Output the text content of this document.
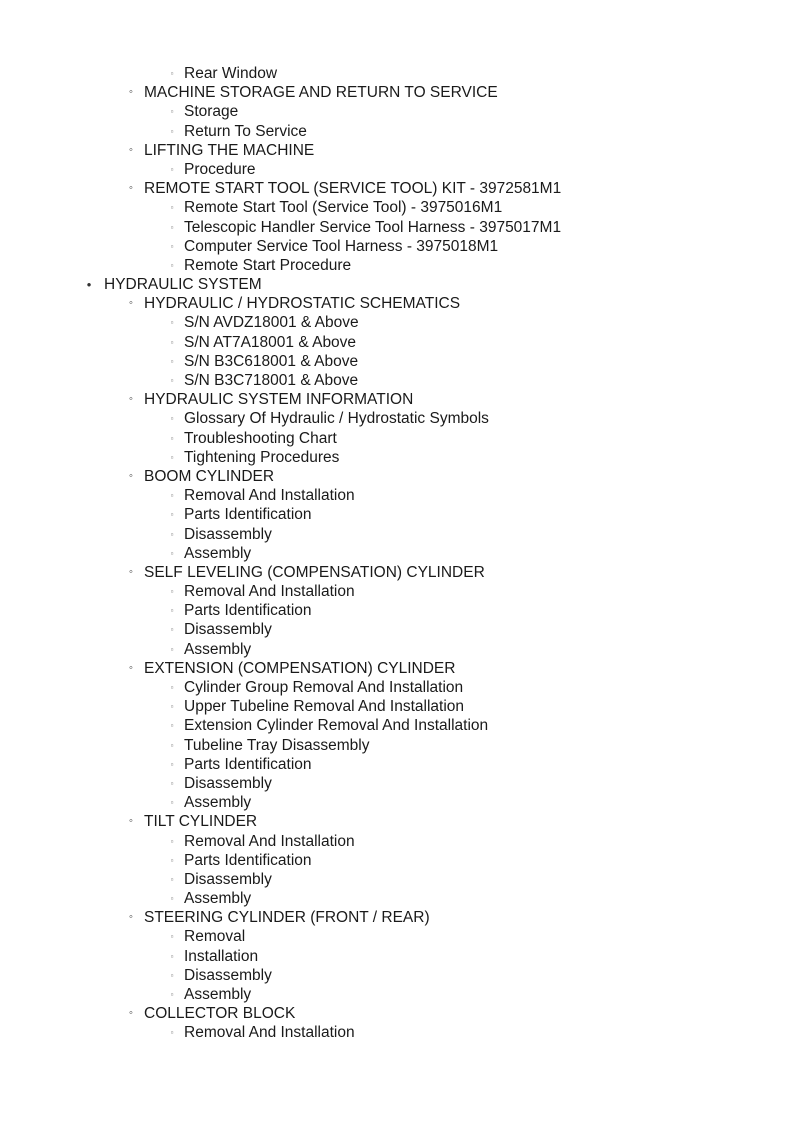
▫ Rear Window
◦ MACHINE STORAGE AND RETURN TO SERVICE
▫ Storage
▫ Return To Service
◦ LIFTING THE MACHINE
▫ Procedure
◦ REMOTE START TOOL (SERVICE TOOL) KIT - 3972581M1
▫ Remote Start Tool (Service Tool) - 3975016M1
▫ Telescopic Handler Service Tool Harness - 3975017M1
▫ Computer Service Tool Harness - 3975018M1
▫ Remote Start Procedure
• HYDRAULIC SYSTEM
◦ HYDRAULIC / HYDROSTATIC SCHEMATICS
▫ S/N AVDZ18001 & Above
▫ S/N AT7A18001 & Above
▫ S/N B3C618001 & Above
▫ S/N B3C718001 & Above
◦ HYDRAULIC SYSTEM INFORMATION
▫ Glossary Of Hydraulic / Hydrostatic Symbols
▫ Troubleshooting Chart
▫ Tightening Procedures
◦ BOOM CYLINDER
▫ Removal And Installation
▫ Parts Identification
▫ Disassembly
▫ Assembly
◦ SELF LEVELING (COMPENSATION) CYLINDER
▫ Removal And Installation
▫ Parts Identification
▫ Disassembly
▫ Assembly
◦ EXTENSION (COMPENSATION) CYLINDER
▫ Cylinder Group Removal And Installation
▫ Upper Tubeline Removal And Installation
▫ Extension Cylinder Removal And Installation
▫ Tubeline Tray Disassembly
▫ Parts Identification
▫ Disassembly
▫ Assembly
◦ TILT CYLINDER
▫ Removal And Installation
▫ Parts Identification
▫ Disassembly
▫ Assembly
◦ STEERING CYLINDER (FRONT / REAR)
▫ Removal
▫ Installation
▫ Disassembly
▫ Assembly
◦ COLLECTOR BLOCK
▫ Removal And Installation
